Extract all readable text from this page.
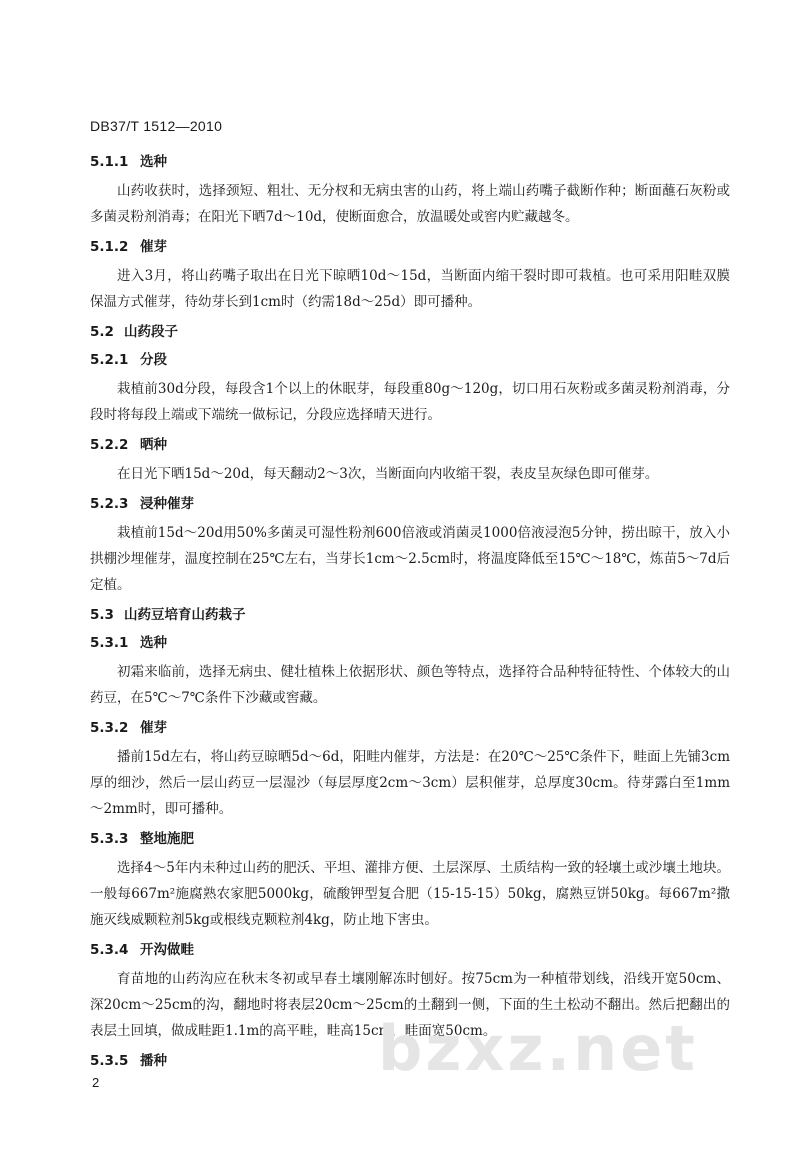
DB37/T 1512—2010
5.1.1 选种

山药收获时，选择颈短、粗壮、无分杈和无病虫害的山药，将上端山药嘴子截断作种；断面蘸石灰粉或多菌灵粉剂消毒；在阳光下晒7d～10d，使断面愈合，放温暖处或窖内贮藏越冬。

5.1.2 催芽

进入3月，将山药嘴子取出在日光下晾晒10d～15d，当断面内缩干裂时即可栽植。也可采用阳畦双膜保温方式催芽，待幼芽长到1cm时（约需18d～25d）即可播种。

5.2 山药段子
5.2.1 分段

栽植前30d分段，每段含1个以上的休眠芽，每段重80g～120g，切口用石灰粉或多菌灵粉剂消毒，分段时将每段上端或下端统一做标记，分段应选择晴天进行。

5.2.2 晒种

在日光下晒15d～20d，每天翻动2～3次，当断面向内收缩干裂，表皮呈灰绿色即可催芽。

5.2.3 浸种催芽

栽植前15d～20d用50%多菌灵可湿性粉剂600倍液或消菌灵1000倍液浸泡5分钟，捞出晾干，放入小拱棚沙埋催芽，温度控制在25℃左右，当芽长1cm～2.5cm时，将温度降低至15℃～18℃，炼苗5～7d后定植。

5.3 山药豆培育山药栽子
5.3.1 选种

初霜来临前，选择无病虫、健壮植株上依据形状、颜色等特点，选择符合品种特征特性、个体较大的山药豆，在5℃～7℃条件下沙藏或窖藏。

5.3.2 催芽

播前15d左右，将山药豆晾晒5d～6d，阳畦内催芽，方法是：在20℃～25℃条件下，畦面上先铺3cm厚的细沙，然后一层山药豆一层湿沙（每层厚度2cm～3cm）层积催芽，总厚度30cm。待芽露白至1mm～2mm时，即可播种。

5.3.3 整地施肥

选择4～5年内未种过山药的肥沃、平坦、灌排方便、土层深厚、土质结构一致的轻壤土或沙壤土地块。一般每667m²施腐熟农家肥5000kg，硫酸钾型复合肥（15-15-15）50kg，腐熟豆饼50kg。每667m²撒施灭线威颗粒剂5kg或根线克颗粒剂4kg，防止地下害虫。

5.3.4 开沟做畦

育苗地的山药沟应在秋末冬初或早春土壤刚解冻时刨好。按75cm为一种植带划线，沿线开宽50cm、深20cm～25cm的沟，翻地时将表层20cm～25cm的土翻到一侧，下面的生土松动不翻出。然后把翻出的表层土回填，做成畦距1.1m的高平畦，畦高15cm，畦面宽50cm。

5.3.5 播种
2	bzxz.net
